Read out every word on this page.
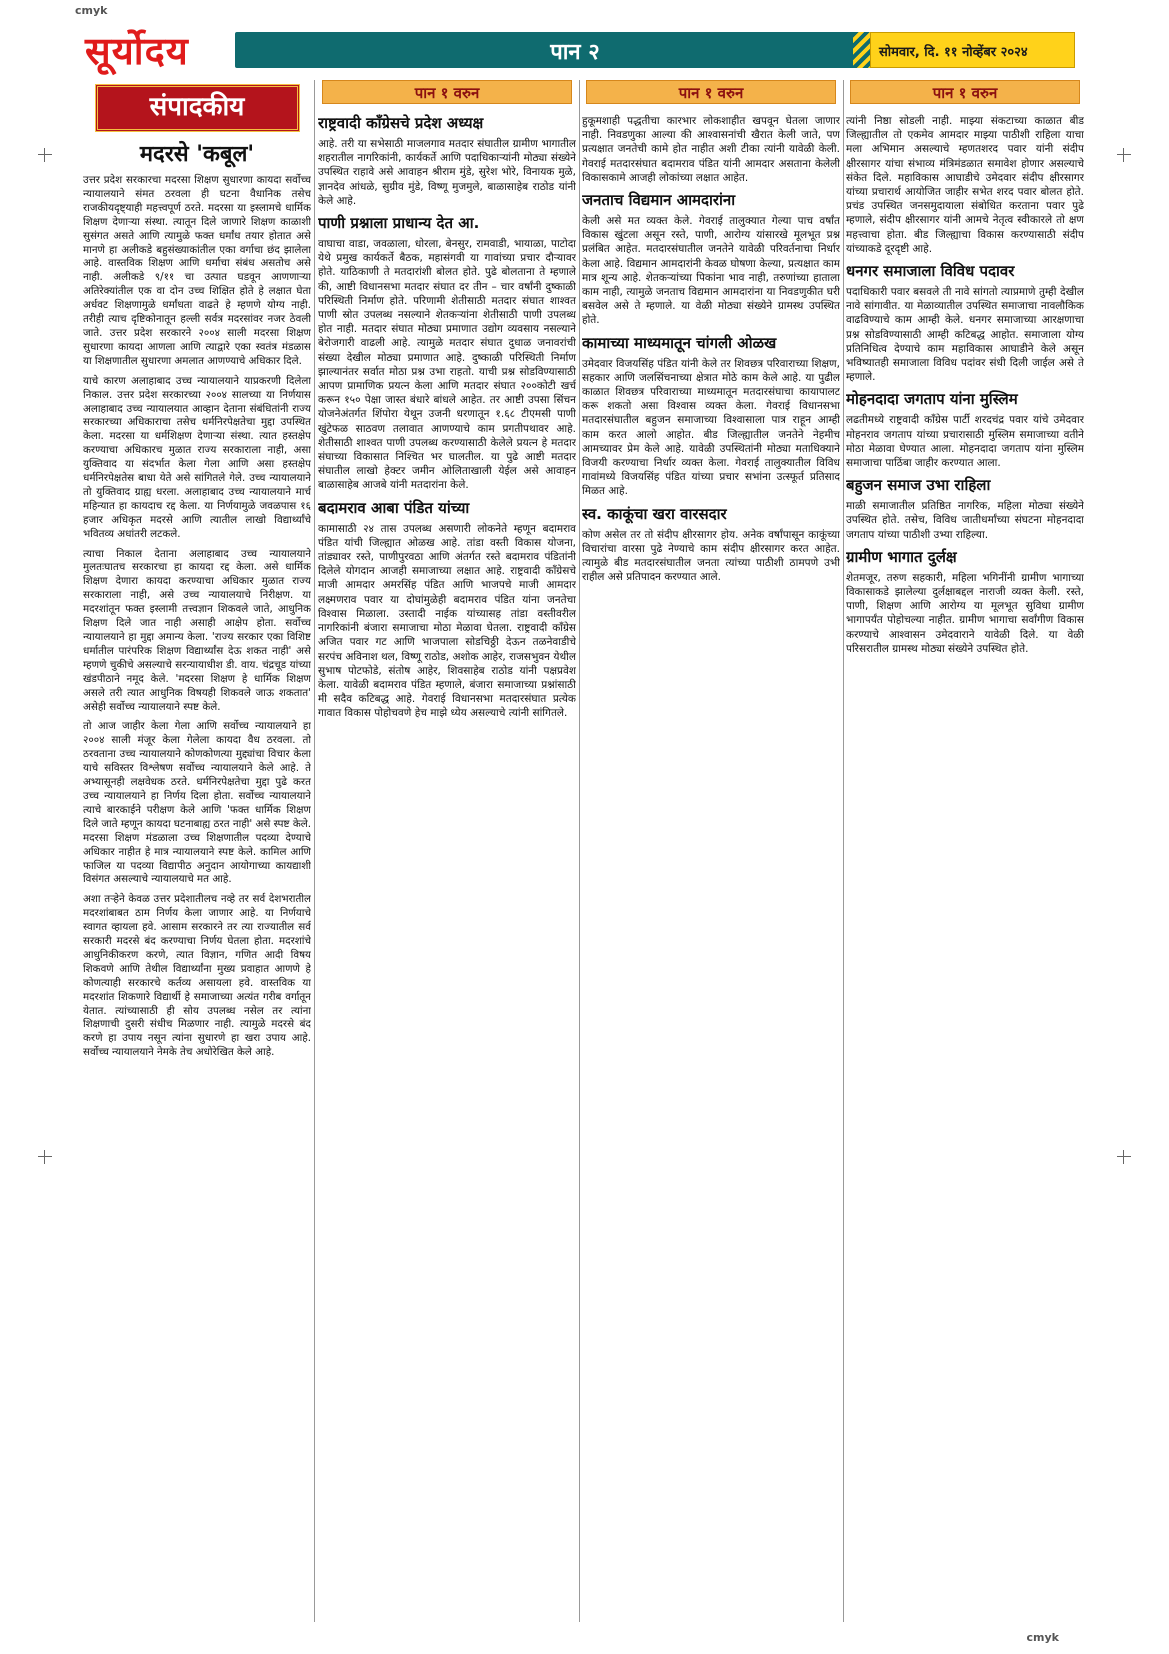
cmyk
cmyk
सूर्योदय	पान २	सोमवार, दि. ११ नोव्हेंबर २०२४
संपादकीय
मदरसे 'कबूल'

उत्तर प्रदेश सरकारचा मदरसा शिक्षण सुधारणा कायदा सर्वोच्च न्यायालयाने संमत ठरवला ही घटना वैधानिक तसेच राजकीयदृष्ट्याही महत्त्वपूर्ण ठरते. मदरसा या इस्लामचे धार्मिक शिक्षण देणाऱ्या संस्था. त्यातून दिले जाणारे शिक्षण काळाशी सुसंगत असते आणि त्यामुळे फक्त धर्मांध तयार होतात असे मानणे हा अलीकडे बहुसंख्याकांतील एका वर्गाचा छंद झालेला आहे. वास्तविक शिक्षण आणि धर्माचा संबंध असतोच असे नाही. अलीकडे ९/११ चा उत्पात घडवून आणणाऱ्या अतिरेक्यांतील एक वा दोन उच्च शिक्षित होते हे लक्षात घेता अर्धवट शिक्षणामुळे धर्मांधता वाढते हे म्हणणे योग्य नाही. तरीही त्याच दृष्टिकोनातून हल्ली सर्वत्र मदरसांवर नजर ठेवली जाते. उत्तर प्रदेश सरकारने २००४ साली मदरसा शिक्षण सुधारणा कायदा आणला आणि त्याद्वारे एका स्वतंत्र मंडळास या शिक्षणातील सुधारणा अमलात आणण्याचे अधिकार दिले.

याचे कारण अलाहाबाद उच्च न्यायालयाने याप्रकरणी दिलेला निकाल. उत्तर प्रदेश सरकारच्या २००४ सालच्या या निर्णयास अलाहाबाद उच्च न्यायालयात आव्हान देताना संबंधितांनी राज्य सरकारच्या अधिकाराचा तसेच धर्मनिरपेक्षतेचा मुद्दा उपस्थित केला. मदरसा या धर्मशिक्षण देणाऱ्या संस्था. त्यात हस्तक्षेप करण्याचा अधिकारच मुळात राज्य सरकाराला नाही, असा युक्तिवाद या संदर्भात केला गेला आणि असा हस्तक्षेप धर्मनिरपेक्षतेस बाधा येते असे सांगितले गेले. उच्च न्यायालयाने तो युक्तिवाद ग्राह्य धरला. अलाहाबाद उच्च न्यायालयाने मार्च महिन्यात हा कायदाच रद्द केला. या निर्णयामुळे जवळपास १६ हजार अधिकृत मदरसे आणि त्यातील लाखो विद्यार्थ्यांचे भवितव्य अधांतरी लटकले.

त्याचा निकाल देताना अलाहाबाद उच्च न्यायालयाने मुलतःघातच सरकारचा हा कायदा रद्द केला. असे धार्मिक शिक्षण देणारा कायदा करण्याचा अधिकार मुळात राज्य सरकाराला नाही, असे उच्च न्यायालयाचे निरीक्षण. या मदरशांतून फक्त इस्लामी तत्त्वज्ञान शिकवले जाते, आधुनिक शिक्षण दिले जात नाही असाही आक्षेप होता. सर्वोच्च न्यायालयाने हा मुद्दा अमान्य केला. 'राज्य सरकार एका विशिष्ट धर्मातील पारंपरिक शिक्षण विद्यार्थ्यांस देऊ शकत नाही' असे म्हणणे चुकीचे असल्याचे सरन्यायाधीश डी. वाय. चंद्रचूड यांच्या खंडपीठाने नमूद केले. 'मदरसा शिक्षण हे धार्मिक शिक्षण असले तरी त्यात आधुनिक विषयही शिकवले जाऊ शकतात' असेही सर्वोच्च न्यायालयाने स्पष्ट केले.

तो आज जाहीर केला गेला आणि सर्वोच्च न्यायालयाने हा २००४ साली मंजूर केला गेलेला कायदा वैध ठरवला. तो ठरवताना उच्च न्यायालयाने कोणकोणत्या मुद्द्यांचा विचार केला याचे सविस्तर विश्लेषण सर्वोच्च न्यायालयाने केले आहे. ते अभ्यासूनही लक्षवेधक ठरते. धर्मनिरपेक्षतेचा मुद्दा पुढे करत उच्च न्यायालयाने हा निर्णय दिला होता. सर्वोच्च न्यायालयाने त्याचे बारकाईने परीक्षण केले आणि 'फक्त धार्मिक शिक्षण दिले जाते म्हणून कायदा घटनाबाह्य ठरत नाही' असे स्पष्ट केले. मदरसा शिक्षण मंडळाला उच्च शिक्षणातील पदव्या देण्याचे अधिकार नाहीत हे मात्र न्यायालयाने स्पष्ट केले. कामिल आणि फाजिल या पदव्या विद्यापीठ अनुदान आयोगाच्या कायद्याशी विसंगत असल्याचे न्यायालयाचे मत आहे.

अशा तऱ्हेने केवळ उत्तर प्रदेशातीलच नव्हे तर सर्व देशभरातील मदरशांबाबत ठाम निर्णय केला जाणार आहे. या निर्णयाचे स्वागत व्हायला हवे. आसाम सरकारने तर त्या राज्यातील सर्व सरकारी मदरसे बंद करण्याचा निर्णय घेतला होता. मदरशांचे आधुनिकीकरण करणे, त्यात विज्ञान, गणित आदी विषय शिकवणे आणि तेथील विद्यार्थ्यांना मुख्य प्रवाहात आणणे हे कोणत्याही सरकारचे कर्तव्य असायला हवे. वास्तविक या मदरशांत शिकणारे विद्यार्थी हे समाजाच्या अत्यंत गरीब वर्गातून येतात. त्यांच्यासाठी ही सोय उपलब्ध नसेल तर त्यांना शिक्षणाची दुसरी संधीच मिळणार नाही. त्यामुळे मदरसे बंद करणे हा उपाय नसून त्यांना सुधारणे हा खरा उपाय आहे. सर्वोच्च न्यायालयाने नेमके तेच अधोरेखित केले आहे.

पान १ वरुन
राष्ट्रवादी काँग्रेसचे प्रदेश अध्यक्ष

आहे. तरी या सभेसाठी माजलगाव मतदार संघातील ग्रामीण भागातील शहरातील नागरिकांनी, कार्यकर्ते आणि पदाधिकाऱ्यांनी मोठ्या संख्येने उपस्थित राहावे असे आवाहन श्रीराम मुंडे, सुरेश भोरे, विनायक मुळे, ज्ञानदेव आंधळे, सुग्रीव मुंडे, विष्णू मुजमुले, बाळासाहेब राठोड यांनी केले आहे.

पाणी प्रश्नाला प्राधान्य देत आ.

वाघाचा वाडा, जवळाला, धोरला, बेनसुर, रामवाडी, भायाळा, पाटोदा येथे प्रमुख कार्यकर्ते बैठक, महासंगवी या गावांच्या प्रचार दौऱ्यावर होते. याठिकाणी ते मतदारांशी बोलत होते. पुढे बोलताना ते म्हणाले की, आष्टी विधानसभा मतदार संघात दर तीन – चार वर्षांनी दुष्काळी परिस्थिती निर्माण होते. परिणामी शेतीसाठी मतदार संघात शाश्वत पाणी स्रोत उपलब्ध नसल्याने शेतकऱ्यांना शेतीसाठी पाणी उपलब्ध होत नाही. मतदार संघात मोठ्या प्रमाणात उद्योग व्यवसाय नसल्याने बेरोजगारी वाढली आहे. त्यामुळे मतदार संघात दुधाळ जनावरांची संख्या देखील मोठ्या प्रमाणात आहे. दुष्काळी परिस्थिती निर्माण झाल्यानंतर सर्वात मोठा प्रश्न उभा राहतो. याची प्रश्न सोडविण्यासाठी आपण प्रामाणिक प्रयत्न केला आणि मतदार संघात २००कोटी खर्च करून १५० पेक्षा जास्त बंधारे बांधले आहेत. तर आष्टी उपसा सिंचन योजनेअंतर्गत शिंपोरा येथून उजनी धरणातून १.६८ टीएमसी पाणी खुंटेफळ साठवण तलावात आणण्याचे काम प्रगतीपथावर आहे. शेतीसाठी शाश्वत पाणी उपलब्ध करण्यासाठी केलेले प्रयत्न हे मतदार संघाच्या विकासात निश्चित भर घालतील. या पुढे आष्टी मतदार संघातील लाखो हेक्टर जमीन ओलिताखाली येईल असे आवाहन बाळासाहेब आजबे यांनी मतदारांना केले.

बदामराव आबा पंडित यांच्या

कामासाठी २४ तास उपलब्ध असणारी लोकनेते म्हणून बदामराव पंडित यांची जिल्ह्यात ओळख आहे. तांडा वस्ती विकास योजना, तांड्यावर रस्ते, पाणीपुरवठा आणि अंतर्गत रस्ते बदामराव पंडितांनी दिलेले योगदान आजही समाजाच्या लक्षात आहे. राष्ट्रवादी काँग्रेसचे माजी आमदार अमरसिंह पंडित आणि भाजपचे माजी आमदार लक्ष्मणराव पवार या दोघांमुळेही बदामराव पंडित यांना जनतेचा विश्वास मिळाला. उस्तादी नाईक यांच्यासह तांडा वस्तीवरील नागरिकांनी बंजारा समाजाचा मोठा मेळावा घेतला. राष्ट्रवादी काँग्रेस अजित पवार गट आणि भाजपाला सोडचिठ्ठी देऊन तळनेवाडीचे सरपंच अविनाश थल, विष्णू राठोड, अशोक आहेर, राजसभुवन येथील सुभाष पोटफोडे, संतोष आहेर, शिवसाहेब राठोड यांनी पक्षप्रवेश केला. यावेळी बदामराव पंडित म्हणाले, बंजारा समाजाच्या प्रश्नांसाठी मी सदैव कटिबद्ध आहे. गेवराई विधानसभा मतदारसंघात प्रत्येक गावात विकास पोहोचवणे हेच माझे ध्येय असल्याचे त्यांनी सांगितले.

पान १ वरुन

हुकूमशाही पद्धतीचा कारभार लोकशाहीत खपवून घेतला जाणार नाही. निवडणुका आल्या की आश्वासनांची खैरात केली जाते, पण प्रत्यक्षात जनतेची कामे होत नाहीत अशी टीका त्यांनी यावेळी केली. गेवराई मतदारसंघात बदामराव पंडित यांनी आमदार असताना केलेली विकासकामे आजही लोकांच्या लक्षात आहेत.

जनताच विद्यमान आमदारांना

केली असे मत व्यक्त केले. गेवराई तालुक्यात गेल्या पाच वर्षांत विकास खुंटला असून रस्ते, पाणी, आरोग्य यांसारखे मूलभूत प्रश्न प्रलंबित आहेत. मतदारसंघातील जनतेने यावेळी परिवर्तनाचा निर्धार केला आहे. विद्यमान आमदारांनी केवळ घोषणा केल्या, प्रत्यक्षात काम मात्र शून्य आहे. शेतकऱ्यांच्या पिकांना भाव नाही, तरुणांच्या हाताला काम नाही, त्यामुळे जनताच विद्यमान आमदारांना या निवडणुकीत घरी बसवेल असे ते म्हणाले. या वेळी मोठ्या संख्येने ग्रामस्थ उपस्थित होते.

कामाच्या माध्यमातून चांगली ओळख

उमेदवार विजयसिंह पंडित यांनी केले तर शिवछत्र परिवाराच्या शिक्षण, सहकार आणि जलसिंचनाच्या क्षेत्रात मोठे काम केले आहे. या पुढील काळात शिवछत्र परिवाराच्या माध्यमातून मतदारसंघाचा कायापालट करू शकतो असा विश्वास व्यक्त केला. गेवराई विधानसभा मतदारसंघातील बहुजन समाजाच्या विश्वासाला पात्र राहून आम्ही काम करत आलो आहोत. बीड जिल्ह्यातील जनतेने नेहमीच आमच्यावर प्रेम केले आहे. यावेळी उपस्थितांनी मोठ्या मताधिक्याने विजयी करण्याचा निर्धार व्यक्त केला. गेवराई तालुक्यातील विविध गावांमध्ये विजयसिंह पंडित यांच्या प्रचार सभांना उत्स्फूर्त प्रतिसाद मिळत आहे.

स्व. काकूंचा खरा वारसदार

कोण असेल तर तो संदीप क्षीरसागर होय. अनेक वर्षांपासून काकूंच्या विचारांचा वारसा पुढे नेण्याचे काम संदीप क्षीरसागर करत आहेत. त्यामुळे बीड मतदारसंघातील जनता त्यांच्या पाठीशी ठामपणे उभी राहील असे प्रतिपादन करण्यात आले.

पान १ वरुन

त्यांनी निष्ठा सोडली नाही. माझ्या संकटाच्या काळात बीड जिल्ह्यातील तो एकमेव आमदार माझ्या पाठीशी राहिला याचा मला अभिमान असल्याचे म्हणतशरद पवार यांनी संदीप क्षीरसागर यांचा संभाव्य मंत्रिमंडळात समावेश होणार असल्याचे संकेत दिले. महाविकास आघाडीचे उमेदवार संदीप क्षीरसागर यांच्या प्रचारार्थ आयोजित जाहीर सभेत शरद पवार बोलत होते. प्रचंड उपस्थित जनसमुदायाला संबोधित करताना पवार पुढे म्हणाले, संदीप क्षीरसागर यांनी आमचे नेतृत्व स्वीकारले तो क्षण महत्त्वाचा होता. बीड जिल्ह्याचा विकास करण्यासाठी संदीप यांच्याकडे दूरदृष्टी आहे.

धनगर समाजाला विविध पदावर

पदाधिकारी पवार बसवले ती नावे सांगतो त्याप्रमाणे तुम्ही देखील नावे सांगावीत. या मेळाव्यातील उपस्थित समाजाचा नावलौकिक वाढविण्याचे काम आम्ही केले. धनगर समाजाच्या आरक्षणाचा प्रश्न सोडविण्यासाठी आम्ही कटिबद्ध आहोत. समाजाला योग्य प्रतिनिधित्व देण्याचे काम महाविकास आघाडीने केले असून भविष्यातही समाजाला विविध पदांवर संधी दिली जाईल असे ते म्हणाले.

मोहनदादा जगताप यांना मुस्लिम

लढतीमध्ये राष्ट्रवादी काँग्रेस पार्टी शरदचंद्र पवार यांचे उमेदवार मोहनराव जगताप यांच्या प्रचारासाठी मुस्लिम समाजाच्या वतीने मोठा मेळावा घेण्यात आला. मोहनदादा जगताप यांना मुस्लिम समाजाचा पाठिंबा जाहीर करण्यात आला.

बहुजन समाज उभा राहिला

माळी समाजातील प्रतिष्ठित नागरिक, महिला मोठ्या संख्येने उपस्थित होते. तसेच, विविध जातीधर्मांच्या संघटना मोहनदादा जगताप यांच्या पाठीशी उभ्या राहिल्या.

ग्रामीण भागात दुर्लक्ष

शेतमजूर, तरुण सहकारी, महिला भगिनींनी ग्रामीण भागाच्या विकासाकडे झालेल्या दुर्लक्षाबद्दल नाराजी व्यक्त केली. रस्ते, पाणी, शिक्षण आणि आरोग्य या मूलभूत सुविधा ग्रामीण भागापर्यंत पोहोचल्या नाहीत. ग्रामीण भागाचा सर्वांगीण विकास करण्याचे आश्वासन उमेदवाराने यावेळी दिले. या वेळी परिसरातील ग्रामस्थ मोठ्या संख्येने उपस्थित होते.
